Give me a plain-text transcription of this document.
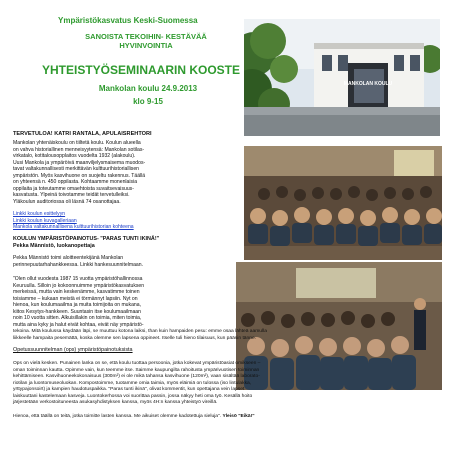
Ympäristökasvatus Keski-Suomessa
SANOISTA TEKOIHIN- KESTÄVÄÄ
HYVINVOINTIA
YHTEISTYÖSEMINAARIN KOOSTE
Mankolan koulu 24.9.2013
klo 9-15
MANKOLAN KOULU
TERVETULOA! KATRI RANTALA, APULAISREHTORI
Mankolan yhtenäiskoulu on tiiltetä koulu. Koulun alueella
on vahva historiallinen menneisyytensä: Mankolan sotilas-
virkatalo, kotitalousopplaitos vuodelta 1932 (alakoulu).
Uusi Mankola ja ympäröivä maanviljelysmaisema muodos-
tavat valtakunnallisesti merkittävän kulttuurihistoriallisen
ympäristön. Myös kasvihuone on suojeltu rakennus. Täällä
on yhteensä n. 450 oppilasta. Kohtaamme monenlaisia
oppilaita ja toteutamme omaehtoista suvaitsevaisuus-
kasvatusta. Ylpeinä toivotamme teidät tervetulleiksi.
Yläkoulun auditoriossa oli läsnä 74 osanottajaa.
Linkki koulun esittelyyn
Linkki koulun kuvagalleriaan
Mankola valtakunnallisena kulttuurihistorian kohteena
KOULUN YMPÄRISTÖPAINOTUS- "PARAS TUNTI IKINÄ!"
Pekka Männistö, luokanopettaja
Pekka Männistö toimi aloitteentekijänä Mankolan
perinnepuutarhahankkeessa. Linkki hankesuunnitelmaan.
"Olen ollut vuodesta 1987 15 vuotta ympäristöhallinnossa
Keuruulla. Silloin jo kokoonnuimme ympäristökasvatuksen
merkeissä, mutta vain keskenämme, kasvatimme toinen
toisiamme – kukaan meistä ei törmännyt lapsiin. Nyt on
hienoa, kun koulumaailma ja muita toimijoita on mukana,
kiitos Kesytys-hankkeen. Suuntasin itse koulumaailmaan
noin 10 vuotta sitten. Alkuisillakin on toimia, miten toimia,
mutta aina kyky ja halut eivät kohtaa, eivät näy ympäristö-
tekoina. Mitä koulussa käydään läpi, se muuttuu kotona laiksi, than kuin hampaiden pesu: emme osaa lähteä aamulla
liikkeelle hampaita pesemättä, koska olemme sen lapsena oppineet. Itselle tuli hieno tilaisuus, kun pääsin tänne.
Opetussuunnitelman (ops) ympäristöpainotuksista
Ops on vielä kesken. Punainen lanka on se, että koulu tuottaa persoonia, jotka kokevat ympäristöasiat omikseen –
oman toiminnan kautta. Opimme vain, kun teemme itse. Saimme kaupungilta rahoitusta ympärivuotisen toiminnan
kehittämiseen. Kasvihuoneekokonaisuus (300m²) ei ole mikä tahansa kasvihuone (120m²), vaan sisältää laborato-
riotilan ja luontomuseoluokan. Kompostoimme, tuotamme omia taimia, myös eläimiä on tulossa (iso lintulakka,
yrttypajonsoirt) ja kampien haudotuspaikka. "Paras tunti ikinä", olivat kommentit, kun opettajana vein lapset
laiskuuttani kastelemaan kasveja. Luontokerhossa voi suorittaa passin, jossa näkyy heti oma työ. Kesällä hoito
järjestetään verkostoituneesta asukasyhdistyksen kanssa, myös 4H:n kanssa yhteistyö vireillä.
Hienoa, että täällä on teitä, jotka toimitte lasten kanssa. Me aikuiset olemme kadotettuja sieluja". Yleisö "Eikä!"
